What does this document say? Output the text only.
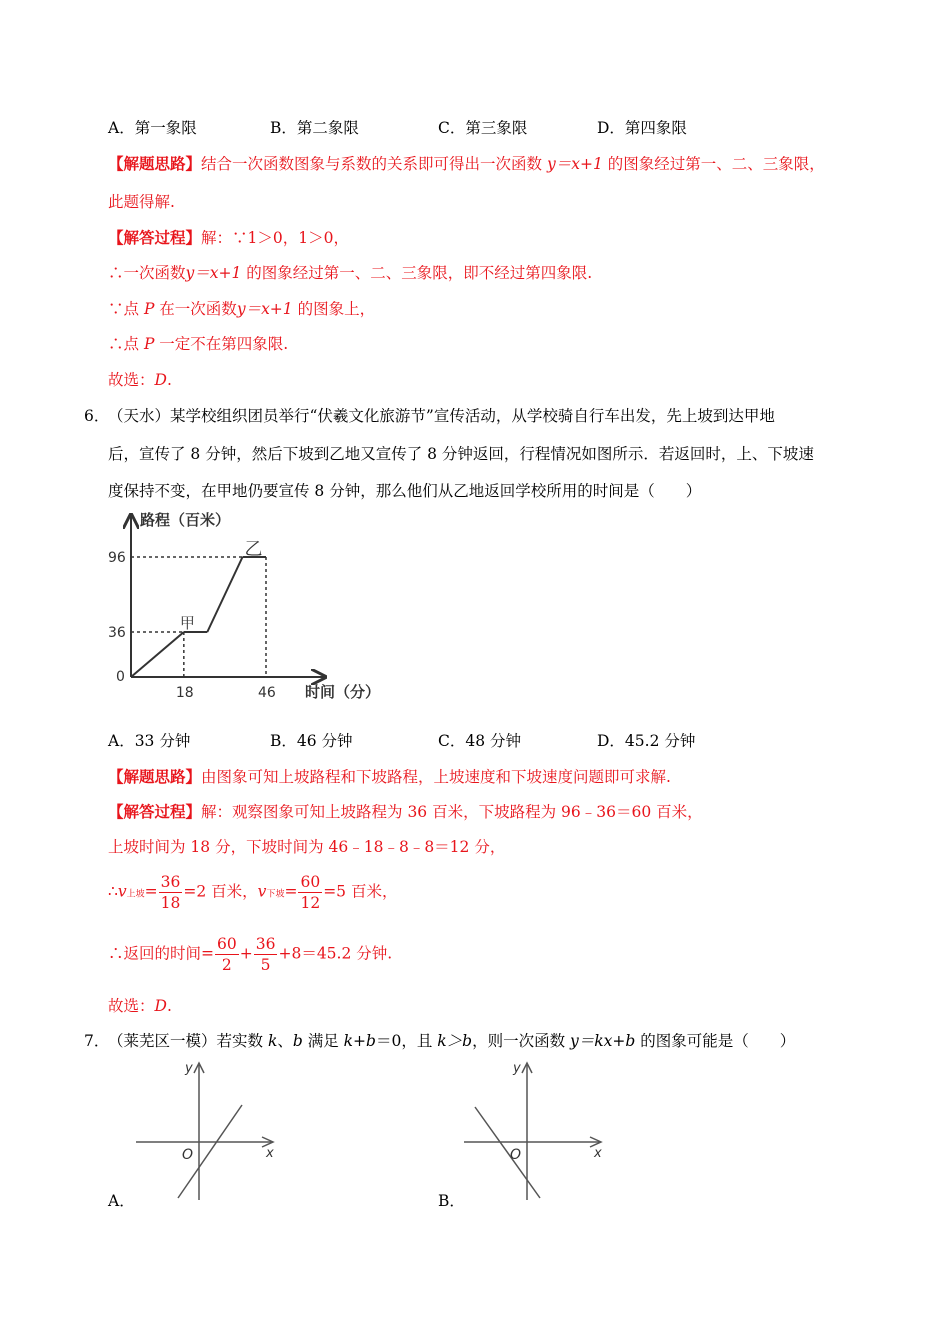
A．第一象限	B．第二象限	C．第三象限	D．第四象限
【解题思路】结合一次函数图象与系数的关系即可得出一次函数 y＝x+1 的图象经过第一、二、三象限，
此题得解.
【解答过程】解：∵1＞0，1＞0，
∴一次函数y＝x+1 的图象经过第一、二、三象限，即不经过第四象限.
∵点 P 在一次函数y＝x+1 的图象上，
∴点 P 一定不在第四象限.
故选：D.
6．
（天水）某学校组织团员举行“伏羲文化旅游节”宣传活动，从学校骑自行车出发，先上坡到达甲地
后，宣传了 8 分钟，然后下坡到乙地又宣传了 8 分钟返回，行程情况如图所示．若返回时，上、下坡速
度保持不变，在甲地仍要宣传 8 分钟，那么他们从乙地返回学校所用的时间是（　　）
路程（百米）
时间（分）
0
96
36
18	46
甲
乙
A．33 分钟	B．46 分钟	C．48 分钟	D．45.2 分钟
【解题思路】由图象可知上坡路程和下坡路程，上坡速度和下坡速度问题即可求解.
【解答过程】解：观察图象可知上坡路程为 36 百米，下坡路程为 96﹣36＝60 百米，
上坡时间为 18 分，下坡时间为 46﹣18﹣8﹣8＝12 分，
∴v上坡= $\frac{36}{18} =2$ 百米，v下坡= $\frac{60}{12} =5$ 百米，
∴返回的时间= $\frac{60}{2} + \frac{36}{5} +8=45.2$ 分钟.
故选：D.
7．
（莱芜区一模）若实数 k、b 满足 k+b＝0，且 k＞b，则一次函数 y＝kx+b 的图象可能是（　　）
y
x
O
A．
y
x
O
B．
